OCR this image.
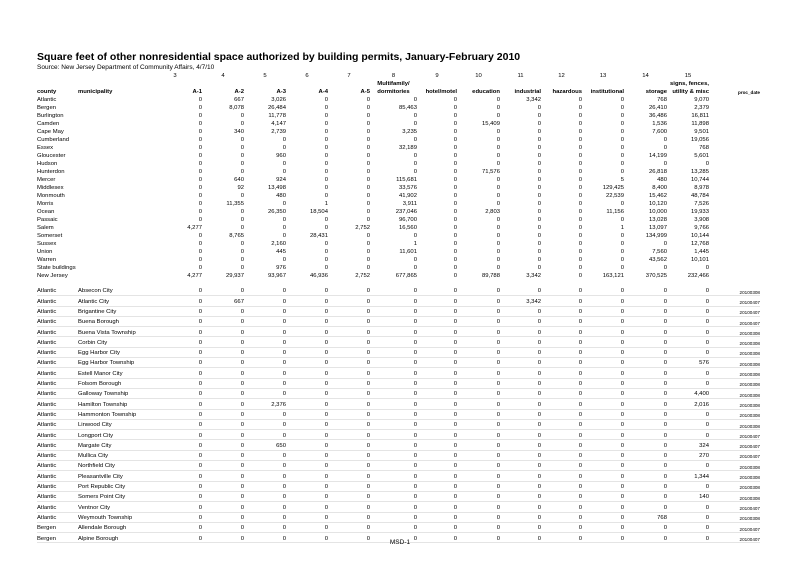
Square feet of other nonresidential space authorized by building permits, January-February 2010
Source: New Jersey Department of Community Affairs, 4/7/10
		3	4	5	6	7	8	9	10	11	12	13	14	15	
							Multifamily/							signs, fences,	
county	municipality	A-1	A-2	A-3	A-4	A-5	dormitories	hotel/motel	education	industrial	hazardous	institutional	storage	utility & misc	proc_date
Atlantic		0	667	3,026	0	0	0	0	0	3,342	0	0	768	9,070	
Bergen		0	8,078	26,484	0	0	85,463	0	0	0	0	0	26,410	2,379	
Burlington		0	0	11,778	0	0	0	0	0	0	0	0	36,486	16,811	
Camden		0	0	4,147	0	0	0	0	15,409	0	0	0	1,536	11,898	
Cape May		0	340	2,739	0	0	3,235	0	0	0	0	0	7,600	9,501	
Cumberland		0	0	0	0	0	0	0	0	0	0	0	0	19,056	
Essex		0	0	0	0	0	32,189	0	0	0	0	0	0	768	
Gloucester		0	0	960	0	0	0	0	0	0	0	0	14,199	5,601	
Hudson		0	0	0	0	0	0	0	0	0	0	0	0	0	
Hunterdon		0	0	0	0	0	0	0	71,576	0	0	0	26,818	13,285	
Mercer		0	640	924	0	0	115,681	0	0	0	0	5	480	10,744	
Middlesex		0	92	13,498	0	0	33,576	0	0	0	0	129,425	8,400	8,978	
Monmouth		0	0	480	0	0	41,902	0	0	0	0	22,539	15,462	48,784	
Morris		0	11,355	0	1	0	3,911	0	0	0	0	0	10,120	7,526	
Ocean		0	0	26,350	18,504	0	237,046	0	2,803	0	0	11,156	10,000	19,933	
Passaic		0	0	0	0	0	96,700	0	0	0	0	0	13,028	3,908	
Salem		4,277	0	0	0	2,752	16,560	0	0	0	0	1	13,097	9,766	
Somerset		0	8,765	0	28,431	0	0	0	0	0	0	0	134,999	10,144	
Sussex		0	0	2,160	0	0	1	0	0	0	0	0	0	12,768	
Union		0	0	445	0	0	11,601	0	0	0	0	0	7,560	1,445	
Warren		0	0	0	0	0	0	0	0	0	0	0	43,562	10,101	
State buildings		0	0	976	0	0	0	0	0	0	0	0	0	0	
New Jersey		4,277	29,937	93,967	46,936	2,752	677,865	0	89,788	3,342	0	163,121	370,525	232,466	

Atlantic	Absecon City	0	0	0	0	0	0	0	0	0	0	0	0	0	20100308
Atlantic	Atlantic City	0	667	0	0	0	0	0	0	3,342	0	0	0	0	20100407
Atlantic	Brigantine City	0	0	0	0	0	0	0	0	0	0	0	0	0	20100407
Atlantic	Buena Borough	0	0	0	0	0	0	0	0	0	0	0	0	0	20100407
Atlantic	Buena Vista Township	0	0	0	0	0	0	0	0	0	0	0	0	0	20100308
Atlantic	Corbin City	0	0	0	0	0	0	0	0	0	0	0	0	0	20100308
Atlantic	Egg Harbor City	0	0	0	0	0	0	0	0	0	0	0	0	0	20100308
Atlantic	Egg Harbor Township	0	0	0	0	0	0	0	0	0	0	0	0	576	20100308
Atlantic	Estell Manor City	0	0	0	0	0	0	0	0	0	0	0	0	0	20100308
Atlantic	Folsom Borough	0	0	0	0	0	0	0	0	0	0	0	0	0	20100308
Atlantic	Galloway Township	0	0	0	0	0	0	0	0	0	0	0	0	4,400	20100308
Atlantic	Hamilton Township	0	0	2,376	0	0	0	0	0	0	0	0	0	2,016	20100308
Atlantic	Hammonton Township	0	0	0	0	0	0	0	0	0	0	0	0	0	20100308
Atlantic	Linwood City	0	0	0	0	0	0	0	0	0	0	0	0	0	20100308
Atlantic	Longport City	0	0	0	0	0	0	0	0	0	0	0	0	0	20100407
Atlantic	Margate City	0	0	650	0	0	0	0	0	0	0	0	0	324	20100407
Atlantic	Mullica City	0	0	0	0	0	0	0	0	0	0	0	0	270	20100407
Atlantic	Northfield City	0	0	0	0	0	0	0	0	0	0	0	0	0	20100308
Atlantic	Pleasantville City	0	0	0	0	0	0	0	0	0	0	0	0	1,344	20100308
Atlantic	Port Republic City	0	0	0	0	0	0	0	0	0	0	0	0	0	20100308
Atlantic	Somers Point City	0	0	0	0	0	0	0	0	0	0	0	0	140	20100308
Atlantic	Ventnor City	0	0	0	0	0	0	0	0	0	0	0	0	0	20100407
Atlantic	Weymouth Township	0	0	0	0	0	0	0	0	0	0	0	768	0	20100308
Bergen	Allendale Borough	0	0	0	0	0	0	0	0	0	0	0	0	0	20100407
Bergen	Alpine Borough	0	0	0	0	0	0	0	0	0	0	0	0	0	20100407
MSD-1
